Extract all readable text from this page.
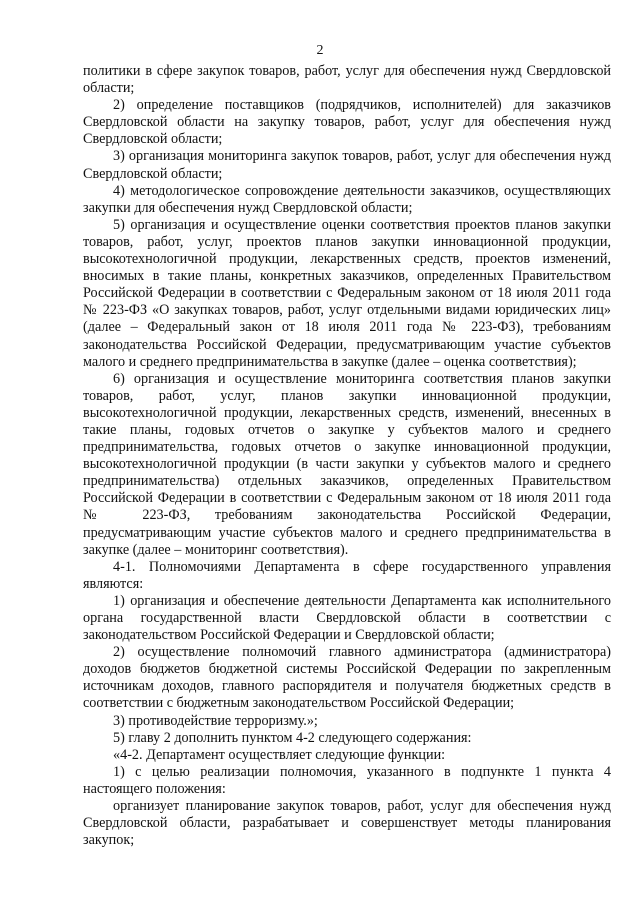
2

политики в сфере закупок товаров, работ, услуг для обеспечения нужд Свердловской области;

2) определение поставщиков (подрядчиков, исполнителей) для заказчиков Свердловской области на закупку товаров, работ, услуг для обеспечения нужд Свердловской области;

3) организация мониторинга закупок товаров, работ, услуг для обеспечения нужд Свердловской области;

4) методологическое сопровождение деятельности заказчиков, осуществляющих закупки для обеспечения нужд Свердловской области;

5) организация и осуществление оценки соответствия проектов планов закупки товаров, работ, услуг, проектов планов закупки инновационной продукции, высокотехнологичной продукции, лекарственных средств, проектов изменений, вносимых в такие планы, конкретных заказчиков, определенных Правительством Российской Федерации в соответствии с Федеральным законом от 18 июля 2011 года № 223-ФЗ «О закупках товаров, работ, услуг отдельными видами юридических лиц» (далее – Федеральный закон от 18 июля 2011 года № 223-ФЗ), требованиям законодательства Российской Федерации, предусматривающим участие субъектов малого и среднего предпринимательства в закупке (далее – оценка соответствия);

6) организация и осуществление мониторинга соответствия планов закупки товаров, работ, услуг, планов закупки инновационной продукции, высокотехнологичной продукции, лекарственных средств, изменений, внесенных в такие планы, годовых отчетов о закупке у субъектов малого и среднего предпринимательства, годовых отчетов о закупке инновационной продукции, высокотехнологичной продукции (в части закупки у субъектов малого и среднего предпринимательства) отдельных заказчиков, определенных Правительством Российской Федерации в соответствии с Федеральным законом от 18 июля 2011 года № 223-ФЗ, требованиям законодательства Российской Федерации, предусматривающим участие субъектов малого и среднего предпринимательства в закупке (далее – мониторинг соответствия).

4-1. Полномочиями Департамента в сфере государственного управления являются:

1) организация и обеспечение деятельности Департамента как исполнительного органа государственной власти Свердловской области в соответствии с законодательством Российской Федерации и Свердловской области;

2) осуществление полномочий главного администратора (администратора) доходов бюджетов бюджетной системы Российской Федерации по закрепленным источникам доходов, главного распорядителя и получателя бюджетных средств в соответствии с бюджетным законодательством Российской Федерации;

3) противодействие терроризму.»;

5) главу 2 дополнить пунктом 4-2 следующего содержания:

«4-2. Департамент осуществляет следующие функции:

1) с целью реализации полномочия, указанного в подпункте 1 пункта 4 настоящего положения:

организует планирование закупок товаров, работ, услуг для обеспечения нужд Свердловской области, разрабатывает и совершенствует методы планирования закупок;
